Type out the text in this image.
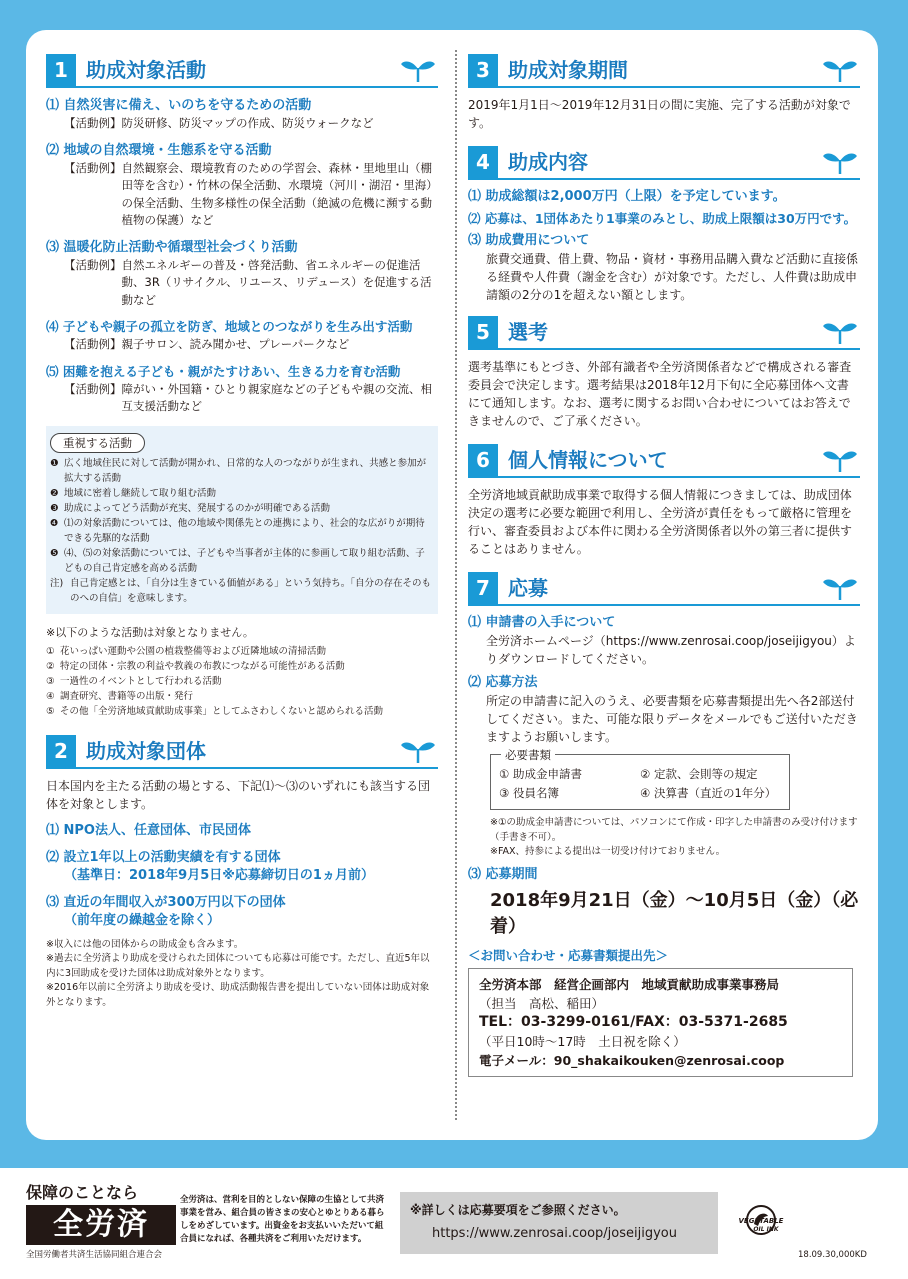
1 助成対象活動
⑴ 自然災害に備え、いのちを守るための活動
【活動例】 防災研修、防災マップの作成、防災ウォークなど
⑵ 地域の自然環境・生態系を守る活動
【活動例】 自然観察会、環境教育のための学習会、森林・里地里山（棚田等を含む）・竹林の保全活動、水環境（河川・湖沼・里海）の保全活動、生物多様性の保全活動（絶滅の危機に瀕する動植物の保護）など
⑶ 温暖化防止活動や循環型社会づくり活動
【活動例】 自然エネルギーの普及・啓発活動、省エネルギーの促進活動、3R（リサイクル、リユース、リデュース）を促進する活動など
⑷ 子どもや親子の孤立を防ぎ、地域とのつながりを生み出す活動
【活動例】 親子サロン、読み聞かせ、プレーパークなど
⑸ 困難を抱える子ども・親がたすけあい、生きる力を育む活動
【活動例】 障がい・外国籍・ひとり親家庭などの子どもや親の交流、相互支援活動など
重視する活動
❶ 広く地域住民に対して活動が開かれ、日常的な人のつながりが生まれ、共感と参加が拡大する活動
❷ 地域に密着し継続して取り組む活動
❸ 助成によってどう活動が充実、発展するのかが明確である活動
❹ ⑴の対象活動については、他の地域や関係先との連携により、社会的な広がりが期待できる先駆的な活動
❺ ⑷、⑸の対象活動については、子どもや当事者が主体的に参画して取り組む活動、子どもの自己肯定感を高める活動
注) 自己肯定感とは、「自分は生きている価値がある」という気持ち。「自分の存在そのものへの自信」を意味します。
※以下のような活動は対象となりません。
① 花いっぱい運動や公園の植栽整備等および近隣地域の清掃活動
② 特定の団体・宗教の利益や教義の布教につながる可能性がある活動
③ 一過性のイベントとして行われる活動
④ 調査研究、書籍等の出版・発行
⑤ その他「全労済地域貢献助成事業」としてふさわしくないと認められる活動
2 助成対象団体
日本国内を主たる活動の場とする、下記⑴〜⑶のいずれにも該当する団体を対象とします。
⑴ NPO法人、任意団体、市民団体
⑵ 設立1年以上の活動実績を有する団体
（基準日：2018年9月5日※応募締切日の1ヵ月前）
⑶ 直近の年間収入が300万円以下の団体
（前年度の繰越金を除く）
※収入には他の団体からの助成金も含みます。
※過去に全労済より助成を受けられた団体についても応募は可能です。ただし、直近5年以内に3回助成を受けた団体は助成対象外となります。
※2016年以前に全労済より助成を受け、助成活動報告書を提出していない団体は助成対象外となります。
3 助成対象期間
2019年1月1日〜2019年12月31日の間に実施、完了する活動が対象です。
4 助成内容
⑴ 助成総額は2,000万円（上限）を予定しています。
⑵ 応募は、1団体あたり1事業のみとし、助成上限額は30万円です。
⑶ 助成費用について
旅費交通費、借上費、物品・資材・事務用品購入費など活動に直接係る経費や人件費（謝金を含む）が対象です。ただし、人件費は助成申請額の2分の1を超えない額とします。
5 選考
選考基準にもとづき、外部有識者や全労済関係者などで構成される審査委員会で決定します。選考結果は2018年12月下旬に全応募団体へ文書にて通知します。なお、選考に関するお問い合わせについてはお答えできませんので、ご了承ください。
6 個人情報について
全労済地域貢献助成事業で取得する個人情報につきましては、助成団体決定の選考に必要な範囲で利用し、全労済が責任をもって厳格に管理を行い、審査委員および本件に関わる全労済関係者以外の第三者に提供することはありません。
7 応募
⑴ 申請書の入手について
全労済ホームページ（https://www.zenrosai.coop/joseijigyou）よりダウンロードしてください。
⑵ 応募方法
所定の申請書に記入のうえ、必要書類を応募書類提出先へ各2部送付してください。また、可能な限りデータをメールでもご送付いただきますようお願いします。
必要書類
① 助成金申請書	② 定款、会則等の規定
③ 役員名簿	④ 決算書（直近の1年分）
※①の助成金申請書については、パソコンにて作成・印字した申請書のみ受け付けます（手書き不可）。
※FAX、持参による提出は一切受け付けておりません。
⑶ 応募期間
2018年9月21日（金）〜10月5日（金）（必着）
＜お問い合わせ・応募書類提出先＞
全労済本部　経営企画部内　地域貢献助成事業事務局
（担当　高松、稲田）
TEL：03-3299-0161/FAX：03-5371-2685
（平日10時〜17時　土日祝を除く）
電子メール：90_shakaikouken@zenrosai.coop
保障のことなら
全労済
全国労働者共済生活協同組合連合会
全労済は、営利を目的としない保障の生協として共済事業を営み、組合員の皆さまの安心とゆとりある暮らしをめざしています。出資金をお支払いいただいて組合員になれば、各種共済をご利用いただけます。
※詳しくは応募要項をご参照ください。
https://www.zenrosai.coop/joseijigyou
VEGETABLE
OIL INK
18.09.30,000KD
